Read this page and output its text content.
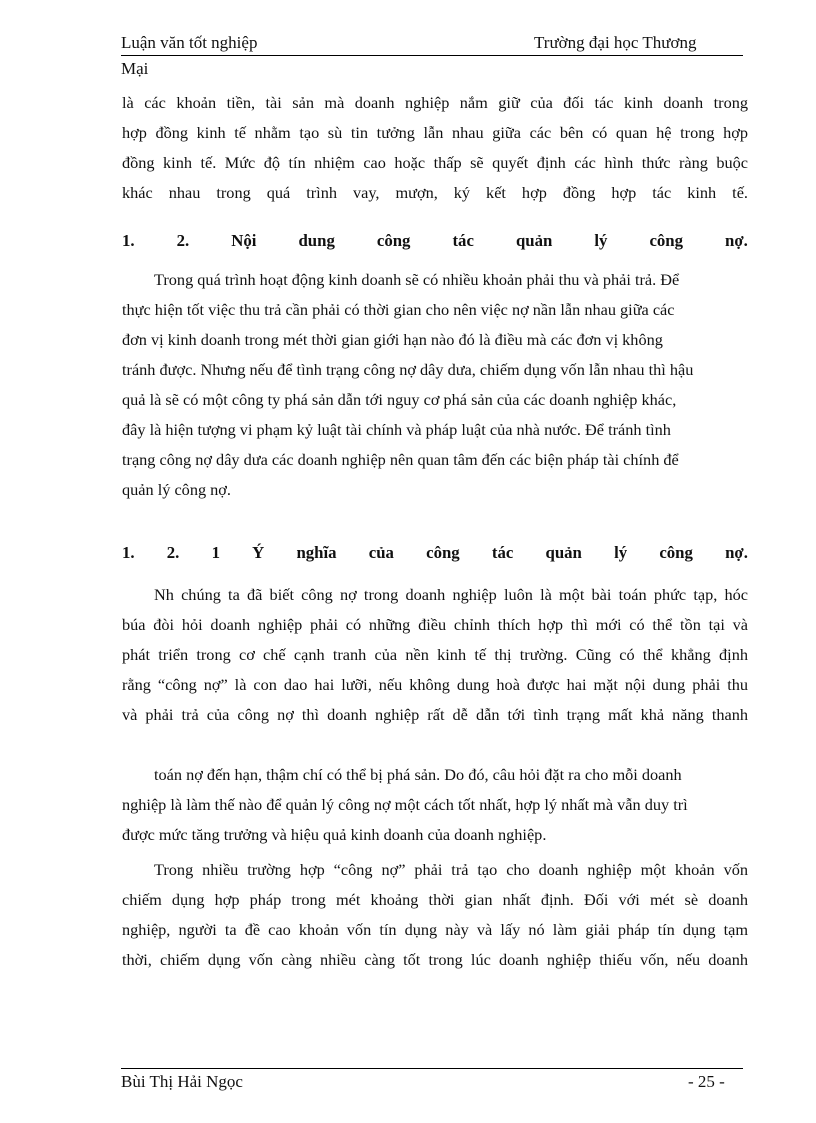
Luận văn tốt nghiệp	Trường đại học Thương
Mại
là các khoản tiền, tài sản mà doanh nghiệp nắm giữ của đối tác kinh doanh trong
hợp đồng kinh tế nhằm tạo sù tin tưởng lẫn nhau giữa các bên có quan hệ trong hợp
đồng kinh tế. Mức độ tín nhiệm cao hoặc thấp sẽ quyết định các hình thức ràng buộc
khác nhau trong quá trình vay, mượn, ký kết hợp đồng hợp tác kinh tế.
1.	2.	Nội	dung	công	tác	quản	lý	công	nợ.
Trong quá trình hoạt động kinh doanh sẽ có nhiều khoản phải thu và phải trả. Để
thực hiện tốt việc thu trả cần phải có thời gian cho nên việc nợ nần lẫn nhau giữa các
đơn vị kinh doanh trong mét thời gian giới hạn nào đó là điều mà các đơn vị không
tránh được. Nhưng nếu để tình trạng công nợ dây dưa, chiếm dụng vốn lẫn nhau thì hậu
quả là sẽ có một công ty phá sản dẫn tới nguy cơ phá sản của các doanh nghiệp khác,
đây là hiện tượng vi phạm kỷ luật tài chính và pháp luật của nhà nước. Để tránh tình
trạng công nợ dây dưa các doanh nghiệp nên quan tâm đến các biện pháp tài chính để
quản lý công nợ.
1. 2. 1 Ý nghĩa của công tác quản lý công nợ.
Nh chúng ta đã biết công nợ trong doanh nghiệp luôn là một bài toán phức tạp, hóc
búa đòi hỏi doanh nghiệp phải có những điều chỉnh thích hợp thì mới có thể tồn tại và
phát triển trong cơ chế cạnh tranh của nền kinh tế thị trường. Cũng có thể khẳng định
rằng “công nợ” là con dao hai lưỡi, nếu không dung hoà được hai mặt nội dung phải thu
và phải trả của công nợ thì doanh nghiệp rất dễ dẫn tới tình trạng mất khả năng thanh
toán nợ đến hạn, thậm chí có thể bị phá sản. Do đó, câu hỏi đặt ra cho mỗi doanh
nghiệp là làm thế nào để quản lý công nợ một cách tốt nhất, hợp lý nhất mà vẫn duy trì
được mức tăng trưởng và hiệu quả kinh doanh của doanh nghiệp.
Trong nhiều trường hợp “công nợ” phải trả tạo cho doanh nghiệp một khoản vốn
chiếm dụng hợp pháp trong mét khoảng thời gian nhất định. Đối với mét sè doanh
nghiệp, người ta đề cao khoản vốn tín dụng này và lấy nó làm giải pháp tín dụng tạm
thời, chiếm dụng vốn càng nhiều càng tốt trong lúc doanh nghiệp thiếu vốn, nếu doanh
Bùi Thị Hải Ngọc	- 25 -
